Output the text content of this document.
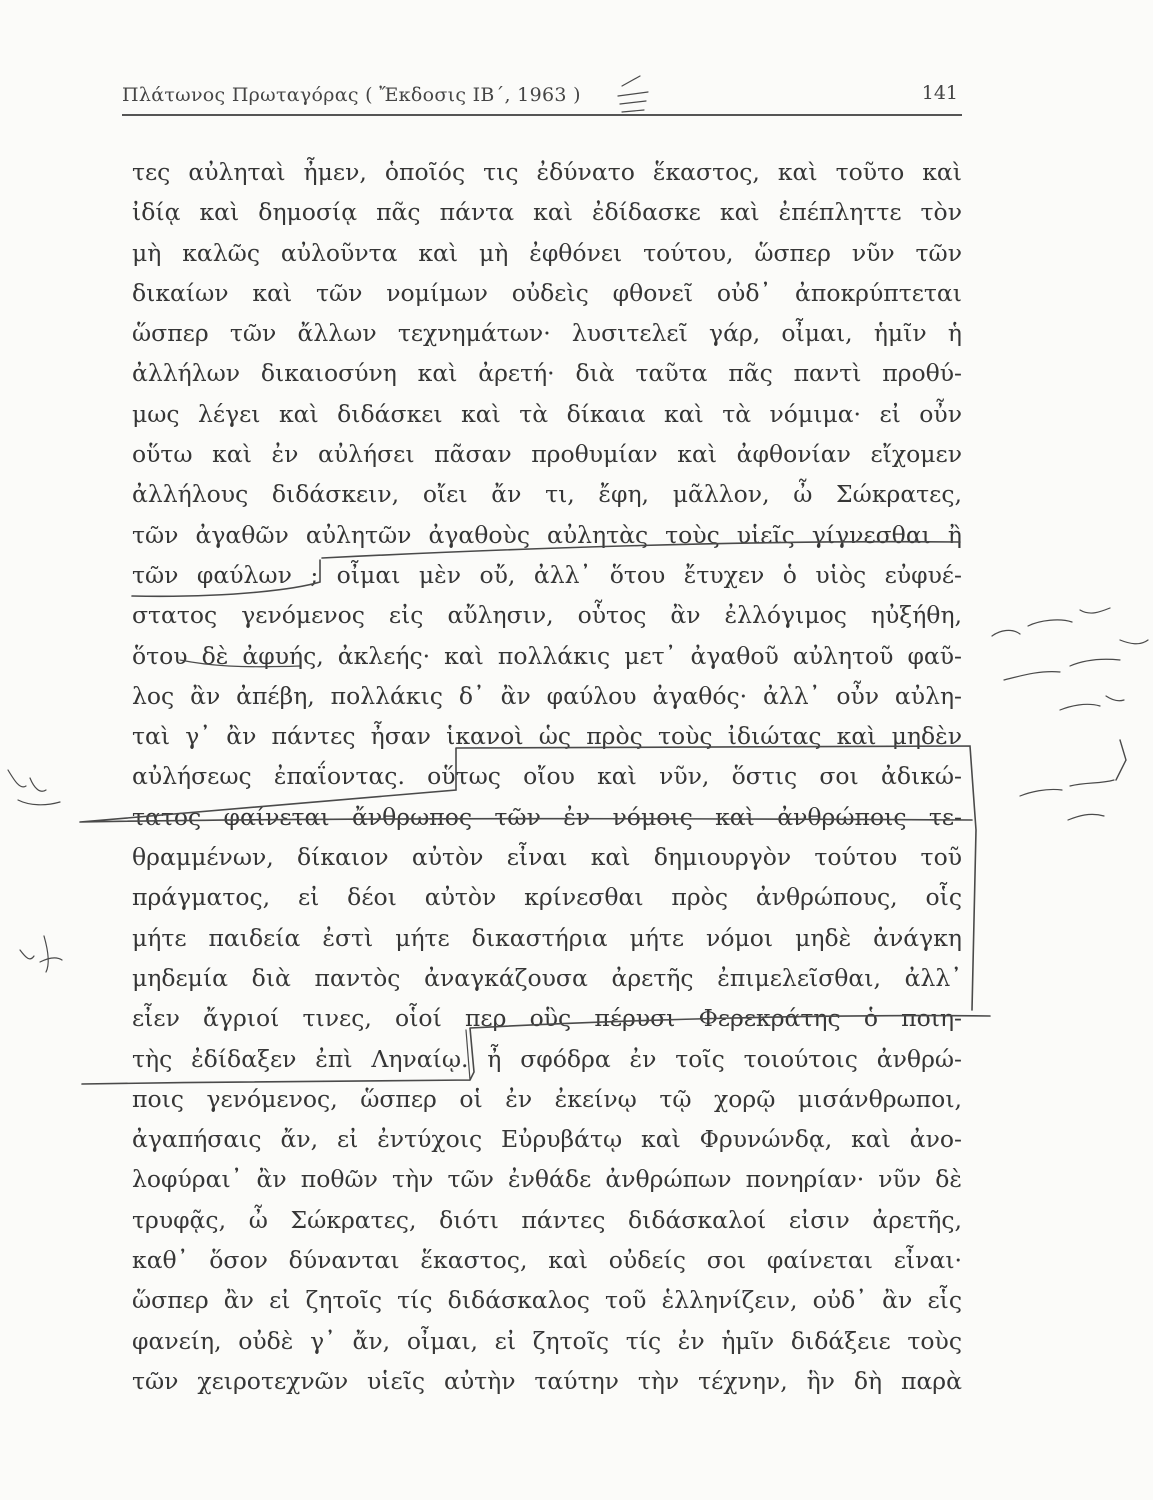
Πλάτωνος Πρωταγόρας ( Ἔκδοσις ΙΒ΄, 1963 )	141
τες αὐληταὶ ἦμεν, ὁποῖός τις ἐδύνατο ἕκαστος, καὶ τοῦτο καὶ
ἰδίᾳ καὶ δημοσίᾳ πᾶς πάντα καὶ ἐδίδασκε καὶ ἐπέπληττε τὸν
μὴ καλῶς αὐλοῦντα καὶ μὴ ἐφθόνει τούτου, ὥσπερ νῦν τῶν
δικαίων καὶ τῶν νομίμων οὐδεὶς φθονεῖ οὐδ᾽ ἀποκρύπτεται
ὥσπερ τῶν ἄλλων τεχνημάτων· λυσιτελεῖ γάρ, οἶμαι, ἡμῖν ἡ
ἀλλήλων δικαιοσύνη καὶ ἀρετή· διὰ ταῦτα πᾶς παντὶ προθύ-
μως λέγει καὶ διδάσκει καὶ τὰ δίκαια καὶ τὰ νόμιμα· εἰ οὖν
οὕτω καὶ ἐν αὐλήσει πᾶσαν προθυμίαν καὶ ἀφθονίαν εἴχομεν
ἀλλήλους διδάσκειν, οἴει ἄν τι, ἔφη, μᾶλλον, ὦ Σώκρατες,
τῶν ἀγαθῶν αὐλητῶν ἀγαθοὺς αὐλητὰς τοὺς υἱεῖς γίγνεσθαι ἢ
τῶν φαύλων ; οἶμαι μὲν οὔ, ἀλλ᾽ ὅτου ἔτυχεν ὁ υἱὸς εὐφυέ-
στατος γενόμενος εἰς αὔλησιν, οὗτος ἂν ἐλλόγιμος ηὐξήθη,
ὅτου δὲ ἀφυής, ἀκλεής· καὶ πολλάκις μετ᾽ ἀγαθοῦ αὐλητοῦ φαῦ-
λος ἂν ἀπέβη, πολλάκις δ᾽ ἂν φαύλου ἀγαθός· ἀλλ᾽ οὖν αὐλη-
ταὶ γ᾽ ἂν πάντες ἦσαν ἱκανοὶ ὡς πρὸς τοὺς ἰδιώτας καὶ μηδὲν
αὐλήσεως ἐπαΐοντας. οὕτως οἴου καὶ νῦν, ὅστις σοι ἀδικώ-
τατος φαίνεται ἄνθρωπος τῶν ἐν νόμοις καὶ ἀνθρώποις τε-
θραμμένων, δίκαιον αὐτὸν εἶναι καὶ δημιουργὸν τούτου τοῦ
πράγματος, εἰ δέοι αὐτὸν κρίνεσθαι πρὸς ἀνθρώπους, οἷς
μήτε παιδεία ἐστὶ μήτε δικαστήρια μήτε νόμοι μηδὲ ἀνάγκη
μηδεμία διὰ παντὸς ἀναγκάζουσα ἀρετῆς ἐπιμελεῖσθαι, ἀλλ᾽
εἶεν ἄγριοί τινες, οἷοί περ οὓς πέρυσι Φερεκράτης ὁ ποιη-
τὴς ἐδίδαξεν ἐπὶ Ληναίῳ. ἦ σφόδρα ἐν τοῖς τοιούτοις ἀνθρώ-
ποις γενόμενος, ὥσπερ οἱ ἐν ἐκείνῳ τῷ χορῷ μισάνθρωποι,
ἀγαπήσαις ἄν, εἰ ἐντύχοις Εὐρυβάτῳ καὶ Φρυνώνδᾳ, καὶ ἀνο-
λοφύραι᾽ ἂν ποθῶν τὴν τῶν ἐνθάδε ἀνθρώπων πονηρίαν· νῦν δὲ
τρυφᾷς, ὦ Σώκρατες, διότι πάντες διδάσκαλοί εἰσιν ἀρετῆς,
καθ᾽ ὅσον δύνανται ἕκαστος, καὶ οὐδείς σοι φαίνεται εἶναι·
ὥσπερ ἂν εἰ ζητοῖς τίς διδάσκαλος τοῦ ἑλληνίζειν, οὐδ᾽ ἂν εἷς
φανείη, οὐδὲ γ᾽ ἄν, οἶμαι, εἰ ζητοῖς τίς ἐν ἡμῖν διδάξειε τοὺς
τῶν χειροτεχνῶν υἱεῖς αὐτὴν ταύτην τὴν τέχνην, ἣν δὴ παρὰ
